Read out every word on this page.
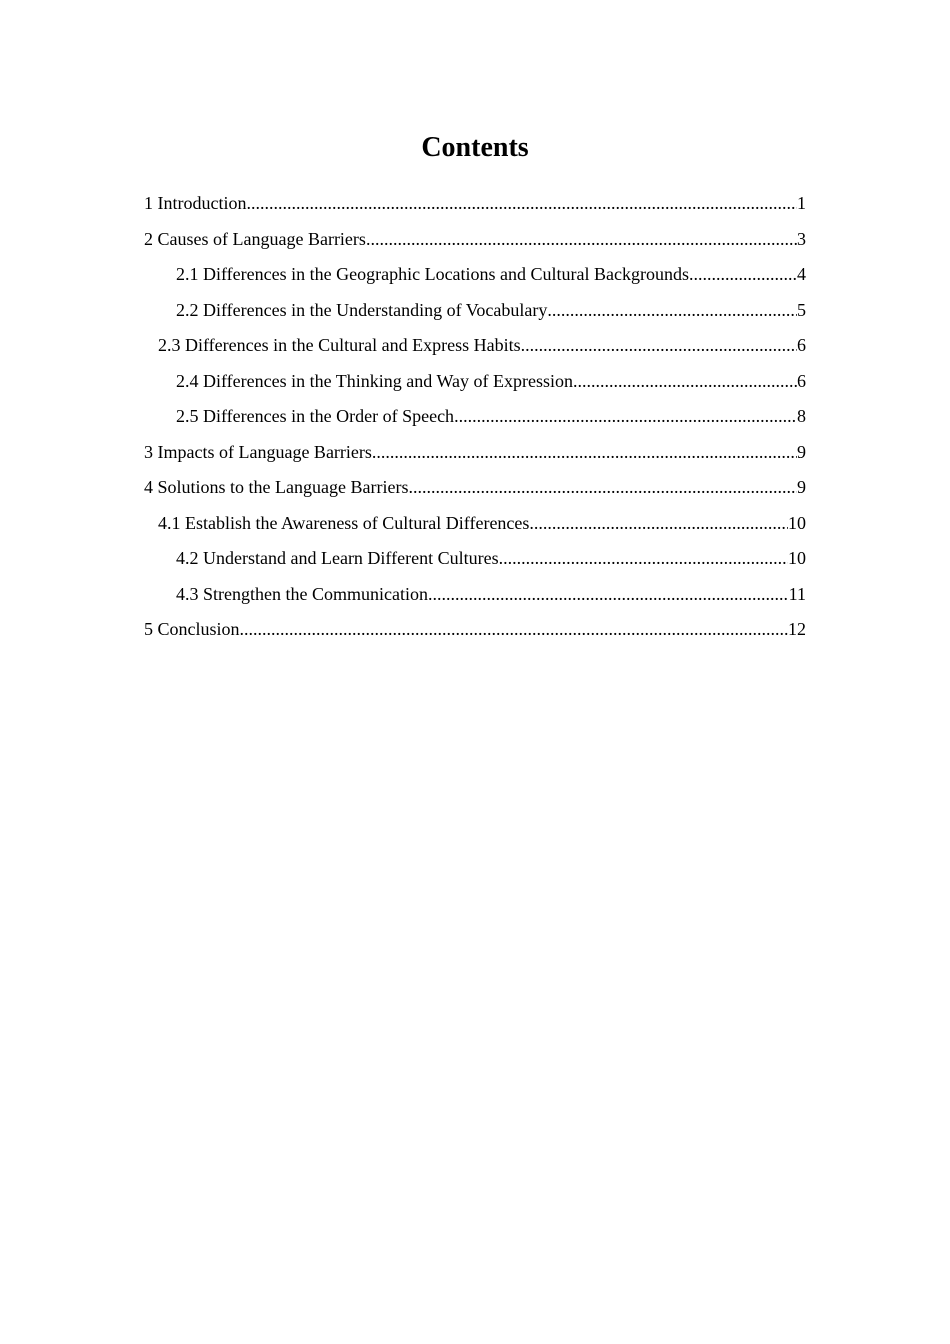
Contents
1 Introduction .....	1
2 Causes of Language Barriers .....	3
2.1 Differences in the Geographic Locations and Cultural Backgrounds .....	4
2.2 Differences in the Understanding of Vocabulary .....	5
2.3 Differences in the Cultural and Express Habits .....	6
2.4 Differences in the Thinking and Way of Expression .....	6
2.5 Differences in the Order of Speech .....	8
3 Impacts of Language Barriers .....	9
4 Solutions to the Language Barriers .....	9
4.1 Establish the Awareness of Cultural Differences .....	10
4.2 Understand and Learn Different Cultures .....	10
4.3 Strengthen the Communication .....	11
5 Conclusion .....	12
